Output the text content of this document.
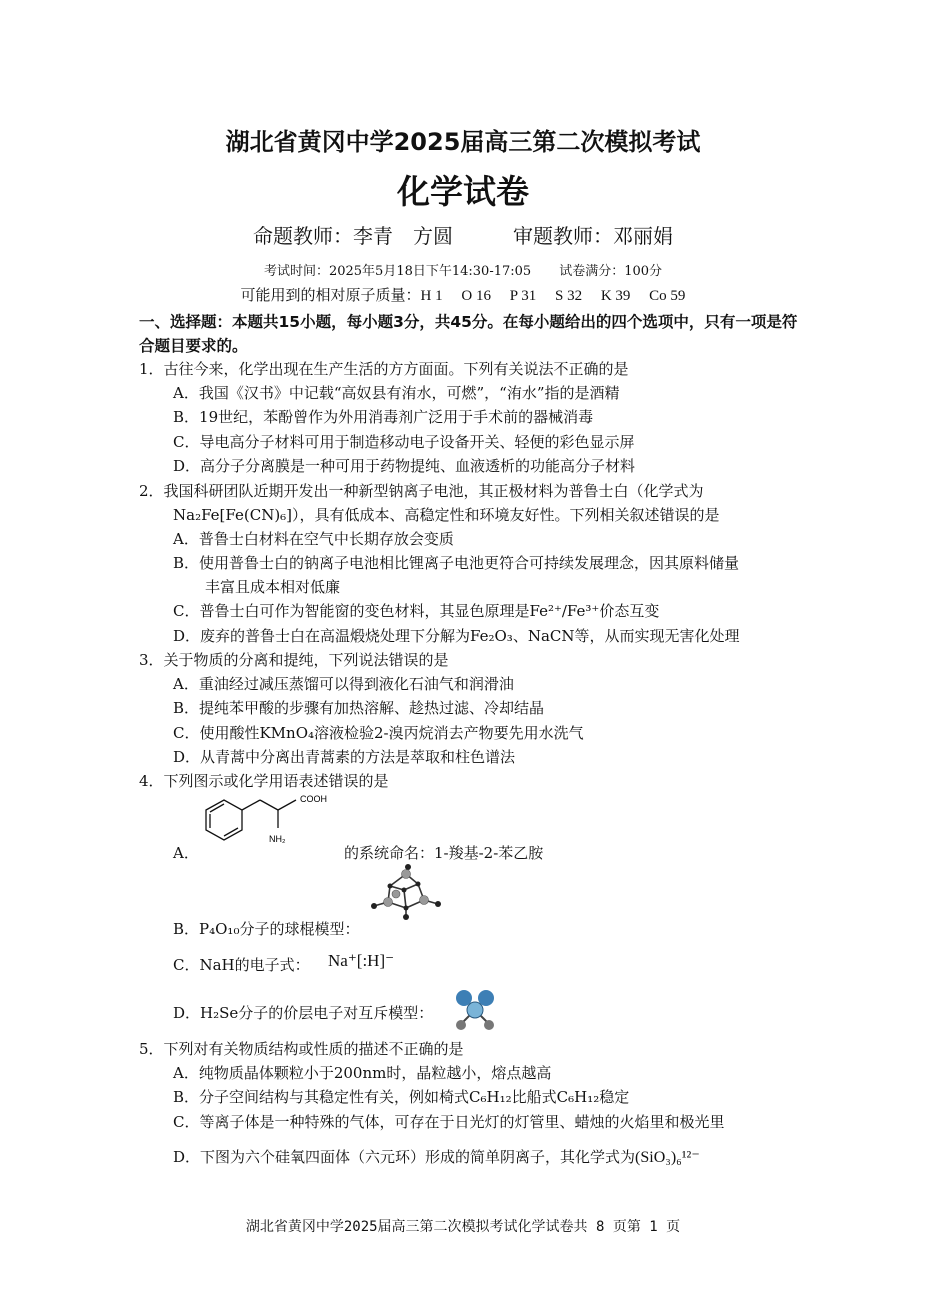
湖北省黄冈中学2025届高三第二次模拟考试
化学试卷
命题教师：李青　方圆	审题教师：邓丽娟
考试时间：2025年5月18日下午14:30-17:05 试卷满分：100分
可能用到的相对原子质量：H 1　 O 16　 P 31　 S 32　 K 39　 Co 59
一、选择题：本题共15小题，每小题3分，共45分。在每小题给出的四个选项中，只有一项是符合题目要求的。
1．古往今来，化学出现在生产生活的方方面面。下列有关说法不正确的是
A．我国《汉书》中记载“高奴县有洧水，可燃”，“洧水”指的是酒精
B．19世纪，苯酚曾作为外用消毒剂广泛用于手术前的器械消毒
C．导电高分子材料可用于制造移动电子设备开关、轻便的彩色显示屏
D．高分子分离膜是一种可用于药物提纯、血液透析的功能高分子材料
2．我国科研团队近期开发出一种新型钠离子电池，其正极材料为普鲁士白（化学式为
Na₂Fe[Fe(CN)₆]），具有低成本、高稳定性和环境友好性。下列相关叙述错误的是
A．普鲁士白材料在空气中长期存放会变质
B．使用普鲁士白的钠离子电池相比锂离子电池更符合可持续发展理念，因其原料储量
丰富且成本相对低廉
C．普鲁士白可作为智能窗的变色材料，其显色原理是Fe²⁺/Fe³⁺价态互变
D．废弃的普鲁士白在高温煅烧处理下分解为Fe₂O₃、NaCN等，从而实现无害化处理
3．关于物质的分离和提纯，下列说法错误的是
A．重油经过减压蒸馏可以得到液化石油气和润滑油
B．提纯苯甲酸的步骤有加热溶解、趁热过滤、冷却结晶
C．使用酸性KMnO₄溶液检验2-溴丙烷消去产物要先用水洗气
D．从青蒿中分离出青蒿素的方法是萃取和柱色谱法
4．下列图示或化学用语表述错误的是
A．
COOH
NH₂
的系统命名：1-羧基-2-苯乙胺
B．P₄O₁₀分子的球棍模型：
C．NaH的电子式： Na⁺[:H]⁻
D．H₂Se分子的价层电子对互斥模型：
5．下列对有关物质结构或性质的描述不正确的是
A．纯物质晶体颗粒小于200nm时，晶粒越小，熔点越高
B．分子空间结构与其稳定性有关，例如椅式C₆H₁₂比船式C₆H₁₂稳定
C．等离子体是一种特殊的气体，可存在于日光灯的灯管里、蜡烛的火焰里和极光里
D．下图为六个硅氧四面体（六元环）形成的简单阴离子，其化学式为(SiO₃)₆¹²⁻
湖北省黄冈中学2025届高三第二次模拟考试化学试卷共 8 页第 1 页
